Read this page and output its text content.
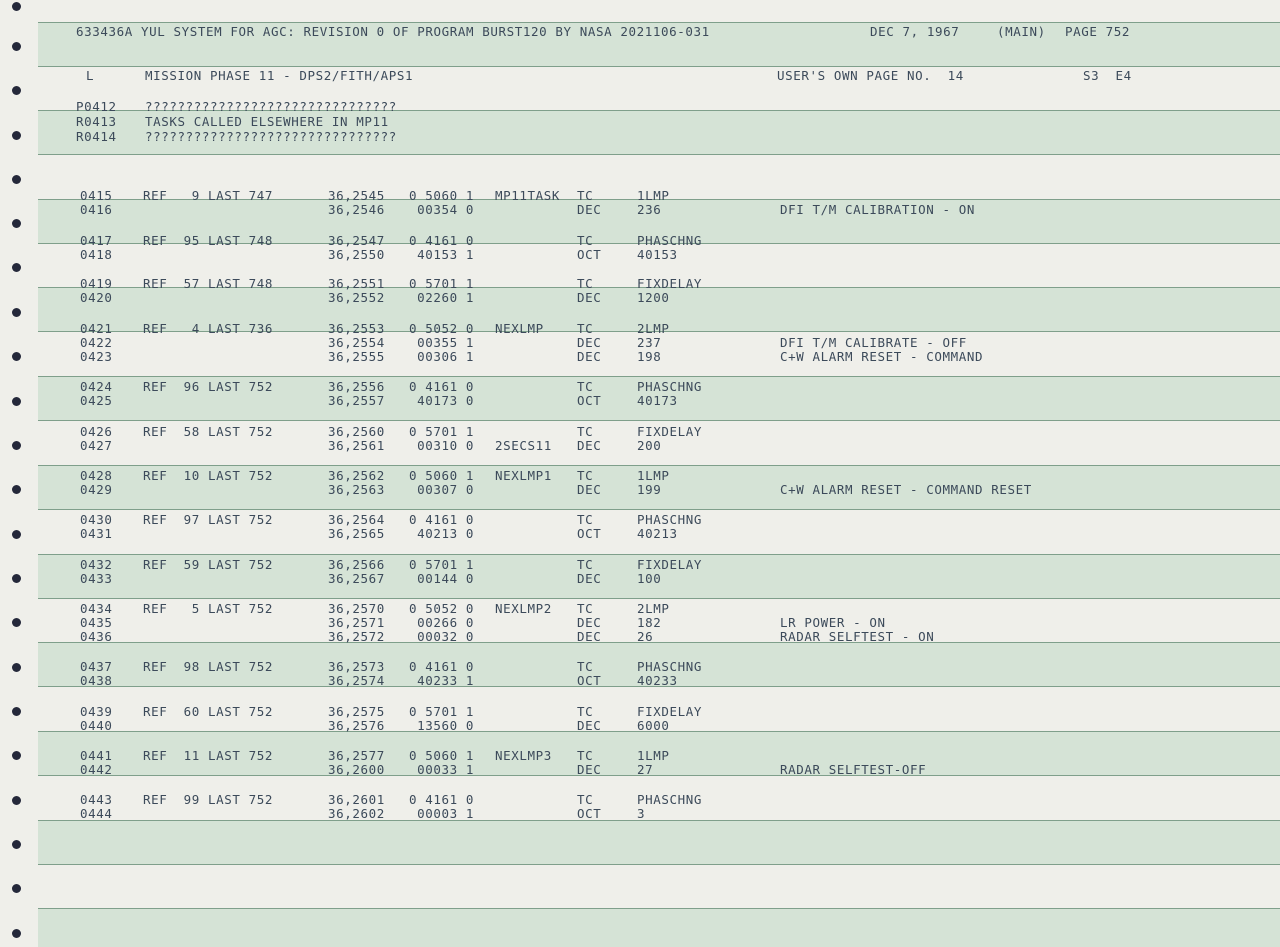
633436A YUL SYSTEM FOR AGC: REVISION 0 OF PROGRAM BURST120 BY NASA 2021106-031	DEC 7, 1967	(MAIN) PAGE 752
L	MISSION PHASE 11 - DPS2/FITH/APS1	USER'S OWN PAGE NO.  14	S3  E4
P0412 ???????????????????????????????
R0413 TASKS CALLED ELSEWHERE IN MP11
R0414 ???????????????????????????????
0415 REF   9 LAST 747	36,2545 0 5060 1 MP11TASK TC	1LMP
0416	36,2546 00354 0	DEC	236	DFI T/M CALIBRATION - ON
0417 REF  95 LAST 748	36,2547 0 4161 0	TC	PHASCHNG
0418	36,2550 40153 1	OCT	40153
0419 REF  57 LAST 748	36,2551 0 5701 1	TC	FIXDELAY
0420	36,2552 02260 1	DEC	1200
0421 REF   4 LAST 736	36,2553 0 5052 0 NEXLMP	TC	2LMP
0422	36,2554 00355 1	DEC	237	DFI T/M CALIBRATE - OFF
0423	36,2555 00306 1	DEC	198	C+W ALARM RESET - COMMAND
0424 REF  96 LAST 752	36,2556 0 4161 0	TC	PHASCHNG
0425	36,2557 40173 0	OCT	40173
0426 REF  58 LAST 752	36,2560 0 5701 1	TC	FIXDELAY
0427	36,2561 00310 0 2SECS11 DEC	200
0428 REF  10 LAST 752	36,2562 0 5060 1 NEXLMP1 TC	1LMP
0429	36,2563 00307 0	DEC	199	C+W ALARM RESET - COMMAND RESET
0430 REF  97 LAST 752	36,2564 0 4161 0	TC	PHASCHNG
0431	36,2565 40213 0	OCT	40213
0432 REF  59 LAST 752	36,2566 0 5701 1	TC	FIXDELAY
0433	36,2567 00144 0	DEC	100
0434 REF   5 LAST 752	36,2570 0 5052 0 NEXLMP2 TC	2LMP
0435	36,2571 00266 0	DEC	182	LR POWER - ON
0436	36,2572 00032 0	DEC	26	RADAR SELFTEST - ON
0437 REF  98 LAST 752	36,2573 0 4161 0	TC	PHASCHNG
0438	36,2574 40233 1	OCT	40233
0439 REF  60 LAST 752	36,2575 0 5701 1	TC	FIXDELAY
0440	36,2576 13560 0	DEC	6000
0441 REF  11 LAST 752	36,2577 0 5060 1 NEXLMP3 TC	1LMP
0442	36,2600 00033 1	DEC	27	RADAR SELFTEST-OFF
0443 REF  99 LAST 752	36,2601 0 4161 0	TC	PHASCHNG
0444	36,2602 00003 1	OCT	3
